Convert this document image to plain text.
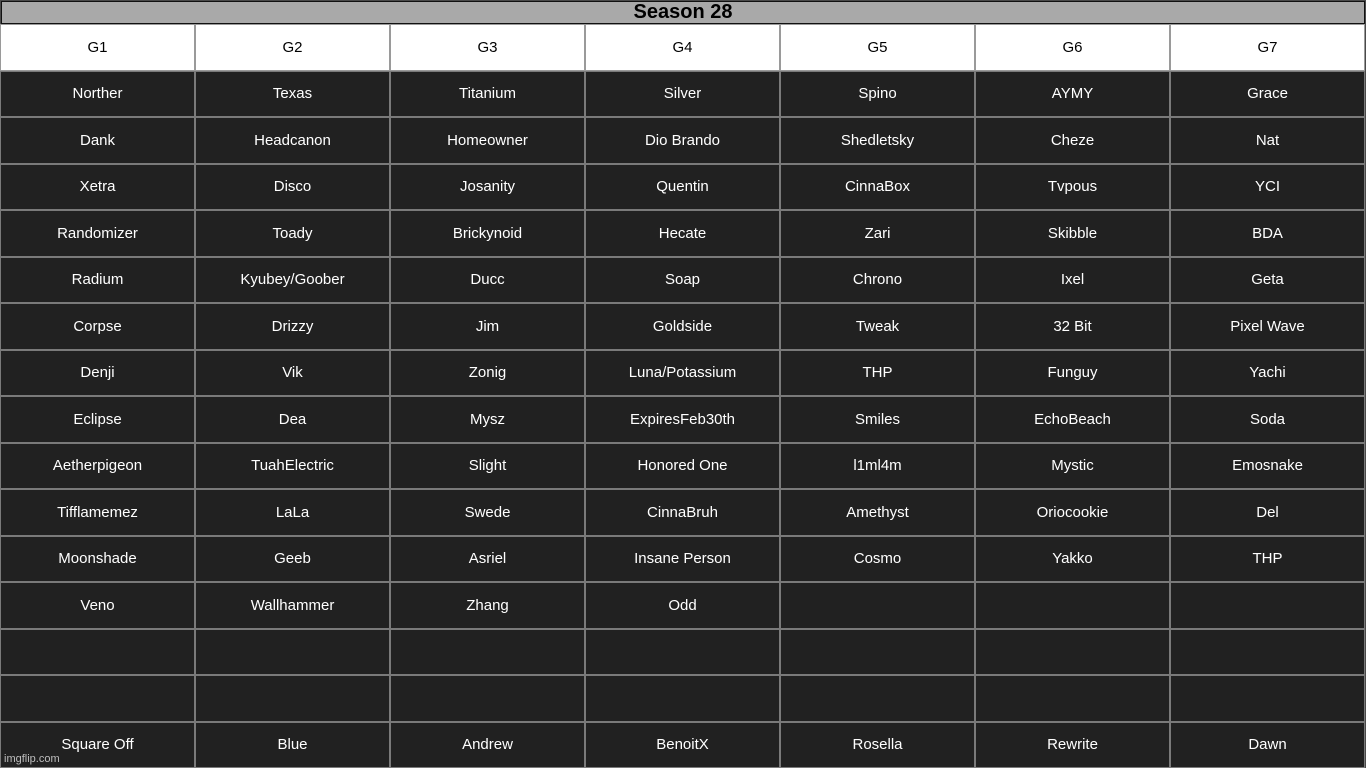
Season 28
G1	G2	G3	G4	G5	G6	G7
Norther	Texas	Titanium	Silver	Spino	AYMY	Grace
Dank	Headcanon	Homeowner	Dio Brando	Shedletsky	Cheze	Nat
Xetra	Disco	Josanity	Quentin	CinnaBox	Tvpous	YCI
Randomizer	Toady	Brickynoid	Hecate	Zari	Skibble	BDA
Radium	Kyubey/Goober	Ducc	Soap	Chrono	Ixel	Geta
Corpse	Drizzy	Jim	Goldside	Tweak	32 Bit	Pixel Wave
Denji	Vik	Zonig	Luna/Potassium	THP	Funguy	Yachi
Eclipse	Dea	Mysz	ExpiresFeb30th	Smiles	EchoBeach	Soda
Aetherpigeon	TuahElectric	Slight	Honored One	l1ml4m	Mystic	Emosnake
Tifflamemez	LaLa	Swede	CinnaBruh	Amethyst	Oriocookie	Del
Moonshade	Geeb	Asriel	Insane Person	Cosmo	Yakko	THP
Veno	Wallhammer	Zhang	Odd
Square Off	Blue	Andrew	BenoitX	Rosella	Rewrite	Dawn
imgflip.com
